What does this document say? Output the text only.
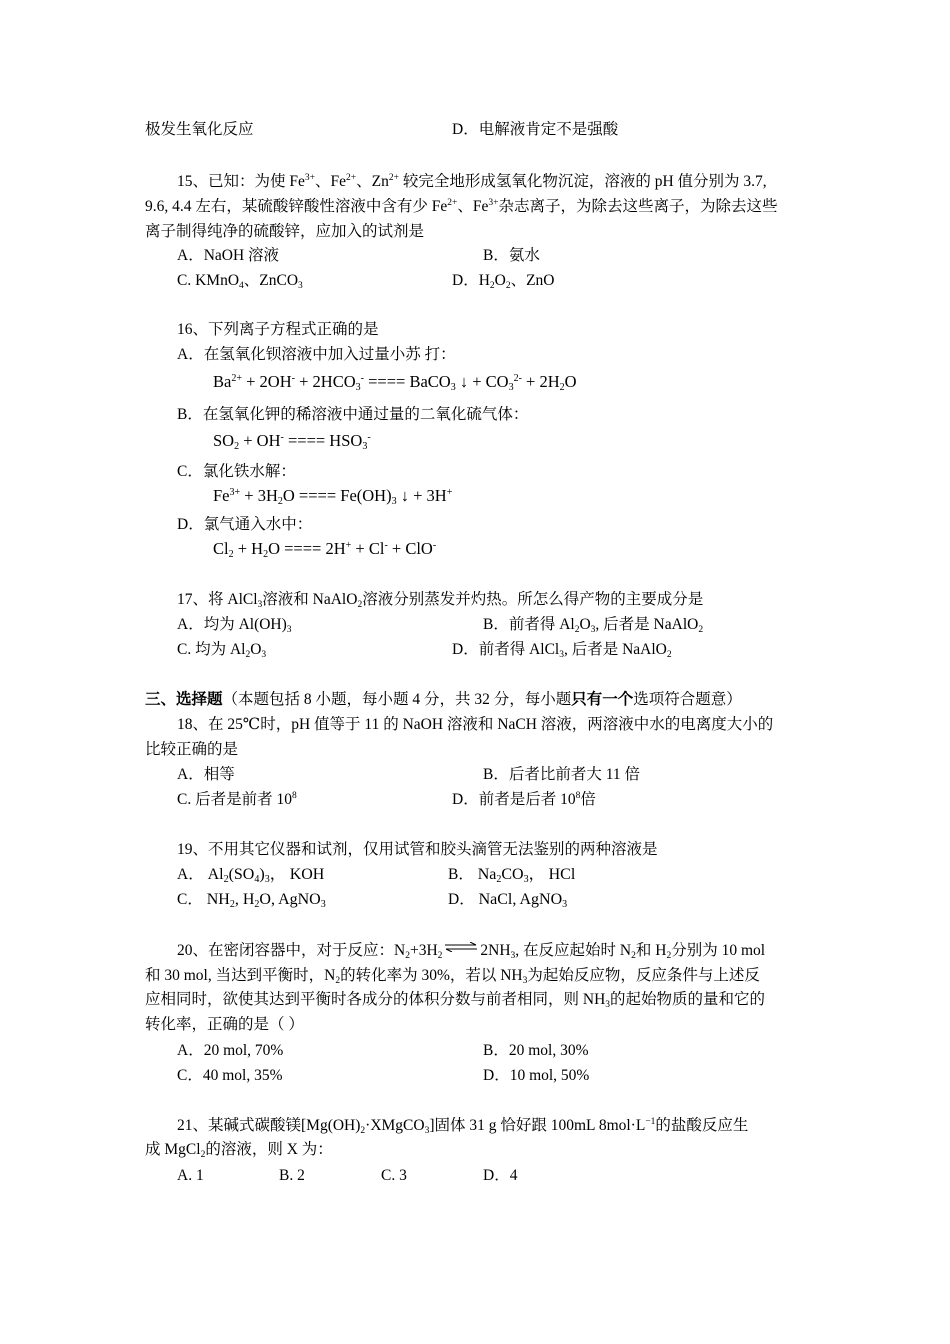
极发生氧化反应	D．电解液肯定不是强酸
15、已知：为使 $Fe^{3+}$、$Fe^{2+}$、$Zn^{2+}$ 较完全地形成氢氧化物沉淀，溶液的 pH 值分别为 3.7,
9.6, 4.4 左右，某硫酸锌酸性溶液中含有少 $Fe^{2+}$、$Fe^{3+}$杂志离子，为除去这些离子，为除去这些
离子制得纯净的硫酸锌，应加入的试剂是
A．NaOH 溶液	B．氨水
C. KMnO$_4$、ZnCO$_3$	D．$H_2O_2$、ZnO
16、下列离子方程式正确的是
A．在氢氧化钡溶液中加入过量小苏 打：
$Ba^{2+} + 2OH^- + 2HCO_3^-$ ==== BaCO$_3$ ↓ + $CO_3^{2-} + 2H_2O$
B．在氢氧化钾的稀溶液中通过量的二氧化硫气体：
$SO_2 + OH^-$ ==== $HSO_3^-$
C．氯化铁水解：
$Fe^{3+} + 3H_2O$ ==== $Fe(OH)_3$ ↓ + 3H+
D．氯气通入水中：
$Cl_2 + H_2O$ ==== 2H+ + Cl- + ClO-
17、将 AlCl$_3$溶液和 NaAlO$_2$溶液分别蒸发并灼热。所怎么得产物的主要成分是
A．均为 $Al(OH)_3$	B．前者得 $Al_2O_3$, 后者是 NaAlO$_2$
C. 均为 $Al_2O_3$	D．前者得 AlCl$_3$, 后者是 NaAlO$_2$
三、选择题（本题包括 8 小题，每小题 4 分，共 32 分，每小题只有一个选项符合题意）
18、在 25℃时，pH 值等于 11 的 NaOH 溶液和 NaCH 溶液，两溶液中水的电离度大小的
比较正确的是
A．相等	B．后者比前者大 11 倍
C. 后者是前者 $10^8$	D．前者是后者 $10^8$倍
19、不用其它仪器和试剂，仅用试管和胶头滴管无法鉴别的两种溶液是
A． $Al_2(SO_4)_3$， KOH	B． $Na_2CO_3$， HCl
C． $NH_2$, $H_2O$, AgNO$_3$	D． NaCl, AgNO$_3$
20、在密闭容器中，对于反应：$N_2+3H_2$ ⇌ $2NH_3$, 在反应起始时 $N_2$和 $H_2$分别为 10 mol
和 30 mol, 当达到平衡时，$N_2$的转化率为 30%，若以 $NH_3$为起始反应物，反应条件与上述反
应相同时，欲使其达到平衡时各成分的体积分数与前者相同，则 $NH_3$的起始物质的量和它的
转化率，正确的是（ ）
A．20 mol, 70%	B．20 mol, 30%
C．40 mol, 35%	D．10 mol, 50%
21、某碱式碳酸镁$[Mg(OH)_2\cdot XMgCO_3]$固体 31 g 恰好跟 100mL $8mol\cdot L^{-1}$的盐酸反应生
成 MgCl$_2$的溶液，则 X 为：
A. 1	B. 2	C. 3	D．4
